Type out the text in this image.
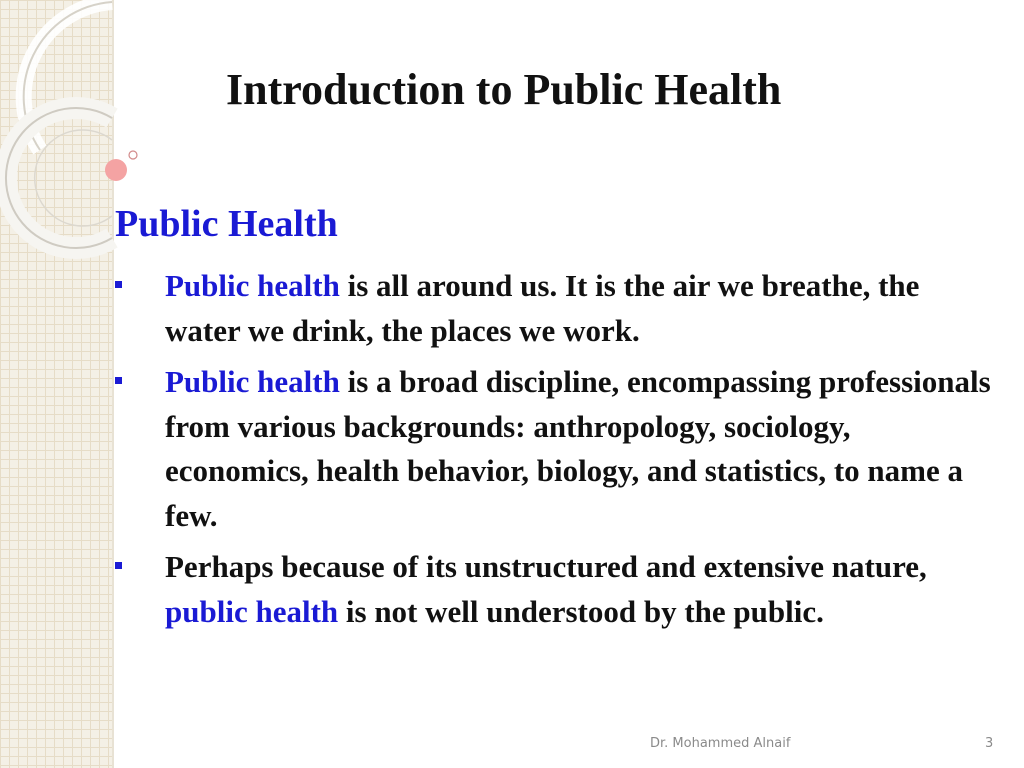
Introduction to Public Health
Public Health
Public health is all around us. It is the air we breathe, the water we drink, the places we work.
Public health is a broad discipline, encompassing professionals from various backgrounds: anthropology, sociology, economics, health behavior, biology, and statistics, to name a few.
Perhaps because of its unstructured and extensive nature, public health is not well understood by the public.
Dr. Mohammed Alnaif	3
